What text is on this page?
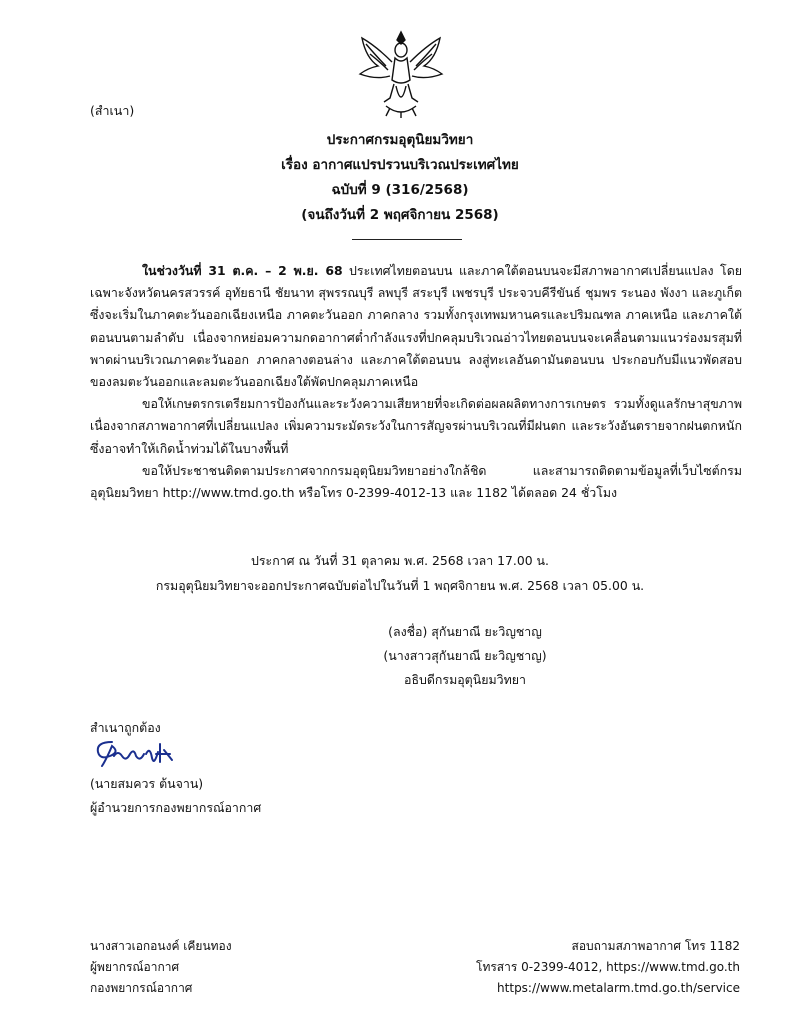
(สำเนา)
ประกาศกรมอุตุนิยมวิทยา
เรื่อง อากาศแปรปรวนบริเวณประเทศไทย
ฉบับที่ 9 (316/2568)
(จนถึงวันที่ 2 พฤศจิกายน 2568)

ในช่วงวันที่ 31 ต.ค. – 2 พ.ย. 68 ประเทศไทยตอนบน และภาคใต้ตอนบนจะมีสภาพอากาศเปลี่ยนแปลง โดยเฉพาะจังหวัดนครสวรรค์ อุทัยธานี ชัยนาท สุพรรณบุรี ลพบุรี สระบุรี เพชรบุรี ประจวบคีรีขันธ์ ชุมพร ระนอง พังงา และภูเก็ต ซึ่งจะเริ่มในภาคตะวันออกเฉียงเหนือ ภาคตะวันออก ภาคกลาง รวมทั้งกรุงเทพมหานครและปริมณฑล ภาคเหนือ และภาคใต้ตอนบนตามลำดับ เนื่องจากหย่อมความกดอากาศต่ำกำลังแรงที่ปกคลุมบริเวณอ่าวไทยตอนบนจะเคลื่อนตามแนวร่องมรสุมที่พาดผ่านบริเวณภาคตะวันออก ภาคกลางตอนล่าง และภาคใต้ตอนบน ลงสู่ทะเลอันดามันตอนบน ประกอบกับมีแนวพัดสอบของลมตะวันออกและลมตะวันออกเฉียงใต้พัดปกคลุมภาคเหนือ

ขอให้เกษตรกรเตรียมการป้องกันและระวังความเสียหายที่จะเกิดต่อผลผลิตทางการเกษตร รวมทั้งดูแลรักษาสุขภาพเนื่องจากสภาพอากาศที่เปลี่ยนแปลง เพิ่มความระมัดระวังในการสัญจรผ่านบริเวณที่มีฝนตก และระวังอันตรายจากฝนตกหนักซึ่งอาจทำให้เกิดน้ำท่วมได้ในบางพื้นที่

ขอให้ประชาชนติดตามประกาศจากกรมอุตุนิยมวิทยาอย่างใกล้ชิด และสามารถติดตามข้อมูลที่เว็บไซต์กรมอุตุนิยมวิทยา http://www.tmd.go.th หรือโทร 0-2399-4012-13 และ 1182 ได้ตลอด 24 ชั่วโมง

ประกาศ ณ วันที่ 31 ตุลาคม พ.ศ. 2568 เวลา 17.00 น.
กรมอุตุนิยมวิทยาจะออกประกาศฉบับต่อไปในวันที่ 1 พฤศจิกายน พ.ศ. 2568 เวลา 05.00 น.
(ลงชื่อ) สุกันยาณี ยะวิญชาญ
(นางสาวสุกันยาณี ยะวิญชาญ)
อธิบดีกรมอุตุนิยมวิทยา
สำเนาถูกต้อง
(นายสมควร ต้นจาน)
ผู้อำนวยการกองพยากรณ์อากาศ
นางสาวเอกอนงค์ เคียนทอง
ผู้พยากรณ์อากาศ
กองพยากรณ์อากาศ
สอบถามสภาพอากาศ โทร 1182
โทรสาร 0-2399-4012, https://www.tmd.go.th
https://www.metalarm.tmd.go.th/service
